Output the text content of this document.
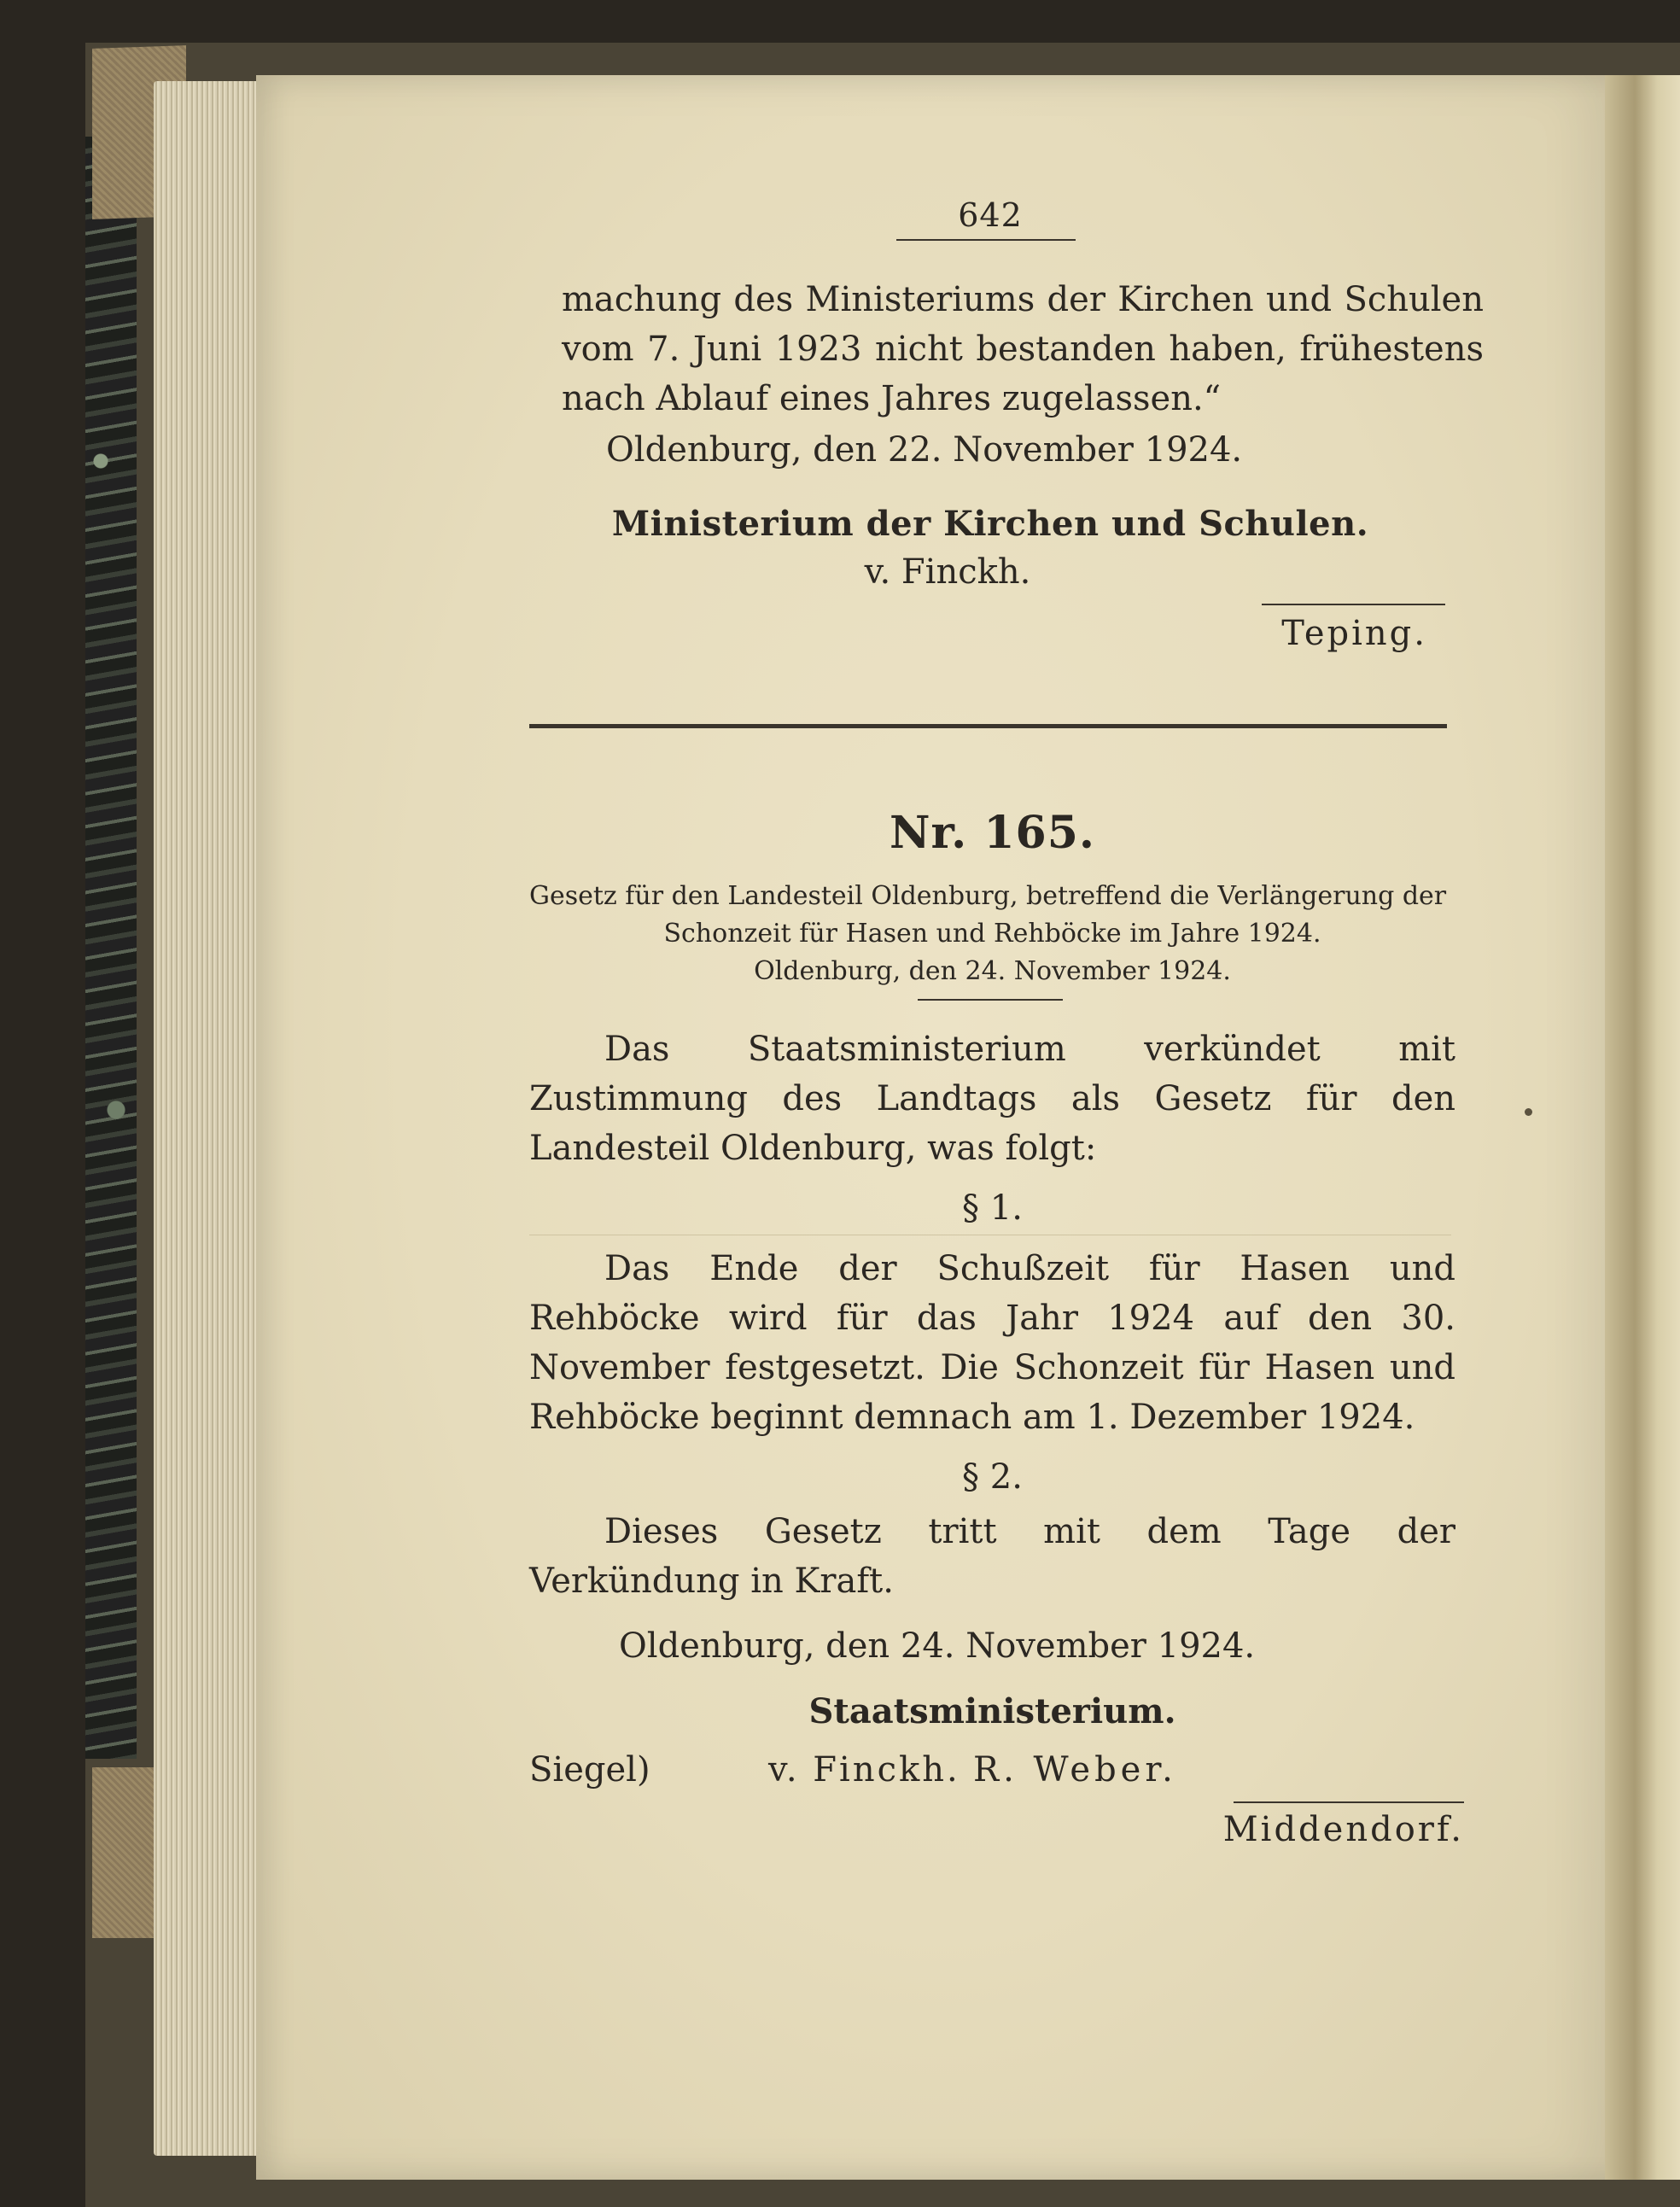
642
machung des Ministeriums der Kirchen und Schulen vom 7. Juni 1923 nicht bestanden haben, frühestens nach Ablauf eines Jahres zugelassen.“
Oldenburg, den 22. November 1924.
Ministerium der Kirchen und Schulen.
v. Finckh.
Teping.
Nr. 165.
Gesetz für den Landesteil Oldenburg, betreffend die Verlängerung der
Schonzeit für Hasen und Rehböcke im Jahre 1924.
Oldenburg, den 24. November 1924.
Das Staatsministerium verkündet mit Zustimmung des Landtags als Gesetz für den Landesteil Oldenburg, was folgt:
§ 1.
Das Ende der Schußzeit für Hasen und Rehböcke wird für das Jahr 1924 auf den 30. November festgesetzt. Die Schonzeit für Hasen und Rehböcke beginnt demnach am 1. Dezember 1924.
§ 2.
Dieses Gesetz tritt mit dem Tage der Verkündung in Kraft.
Oldenburg, den 24. November 1924.
Staatsministerium.
Siegel)	v. Finckh. R. Weber.
Middendorf.
